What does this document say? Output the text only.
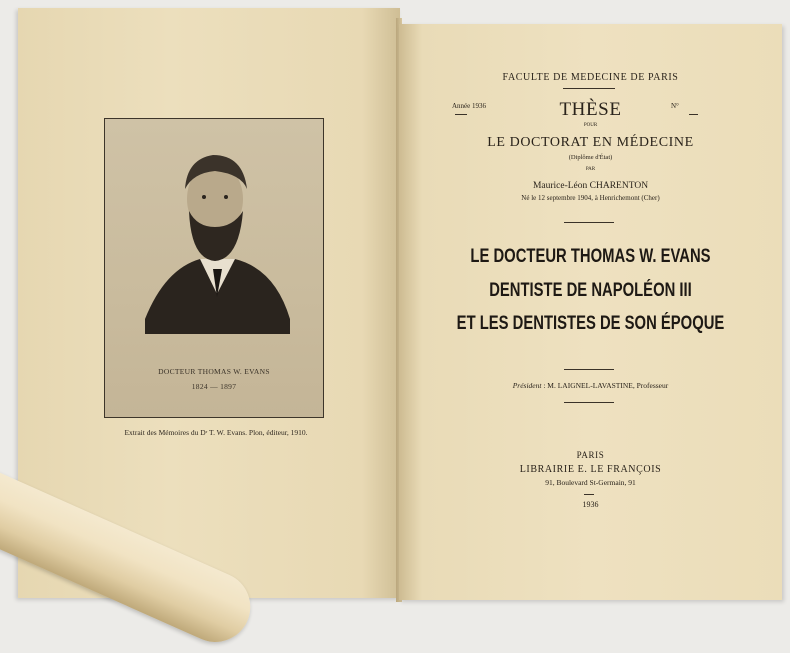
DOCTEUR THOMAS W. EVANS
1824 — 1897
Extrait des Mémoires du Dʳ T. W. Evans. Plon, éditeur, 1910.
FACULTE DE MEDECINE DE PARIS
Année 1936	N°
THÈSE
POUR
LE DOCTORAT EN MÉDECINE
(Diplôme d'État)
PAR
Maurice-Léon CHARENTON
Né le 12 septembre 1904, à Henrichemont (Cher)
LE DOCTEUR THOMAS W. EVANS
DENTISTE DE NAPOLÉON III
ET LES DENTISTES DE SON ÉPOQUE
Président : M. LAIGNEL-LAVASTINE, Professeur
PARIS
LIBRAIRIE E. LE FRANÇOIS
91, Boulevard St-Germain, 91
1936
